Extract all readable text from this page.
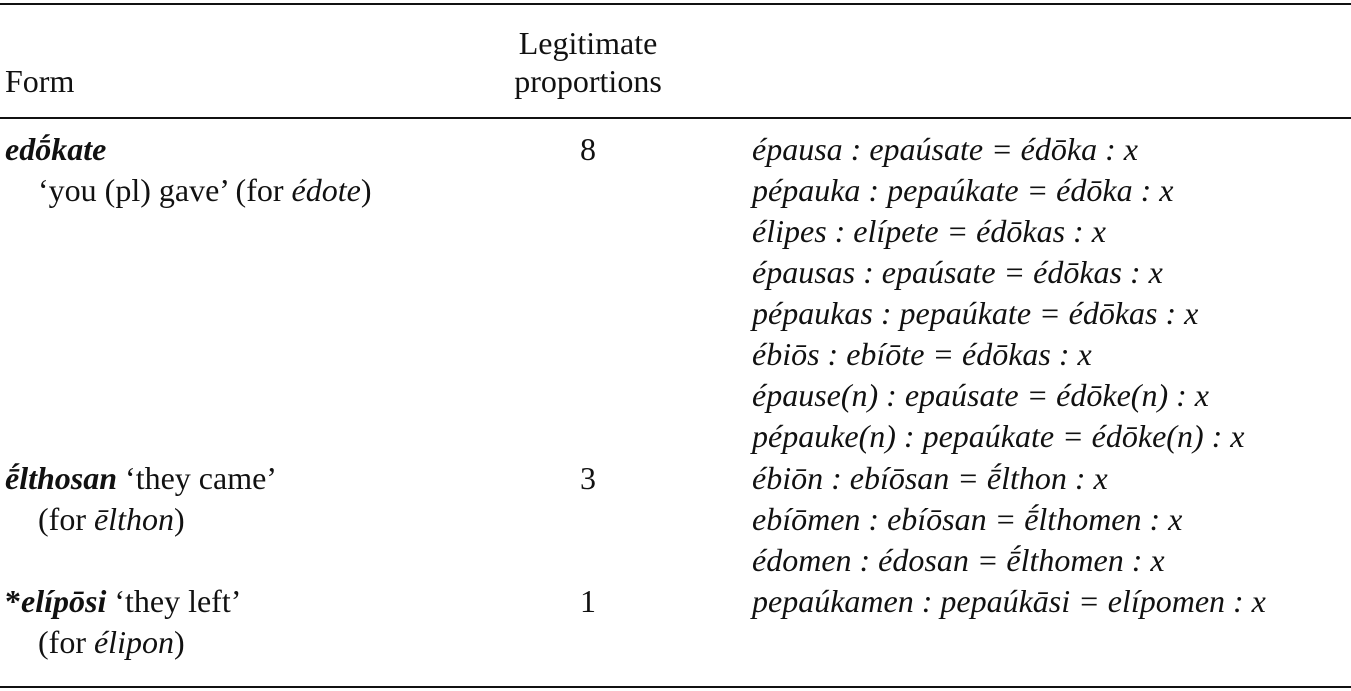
Form
Legitimate
proportions
edṓkate
‘you (pl) gave’ (for édote)
8	épausa : epaúsate = édōka : x
pépauka : pepaúkate = édōka : x
élipes : elípete = édōkas : x
épausas : epaúsate = édōkas : x
pépaukas : pepaúkate = édōkas : x
ébiōs : ebíōte = édōkas : x
épause(n) : epaúsate = édōke(n) : x
pépauke(n) : pepaúkate = édōke(n) : x
ḗlthosan ‘they came’
(for ēlthon)
3	ébiōn : ebíōsan = ḗlthon : x
ebíōmen : ebíōsan = ḗlthomen : x
édomen : édosan = ḗlthomen : x
*elípōsi ‘they left’
(for élipon)
1	pepaúkamen : pepaúkāsi = elípomen : x
